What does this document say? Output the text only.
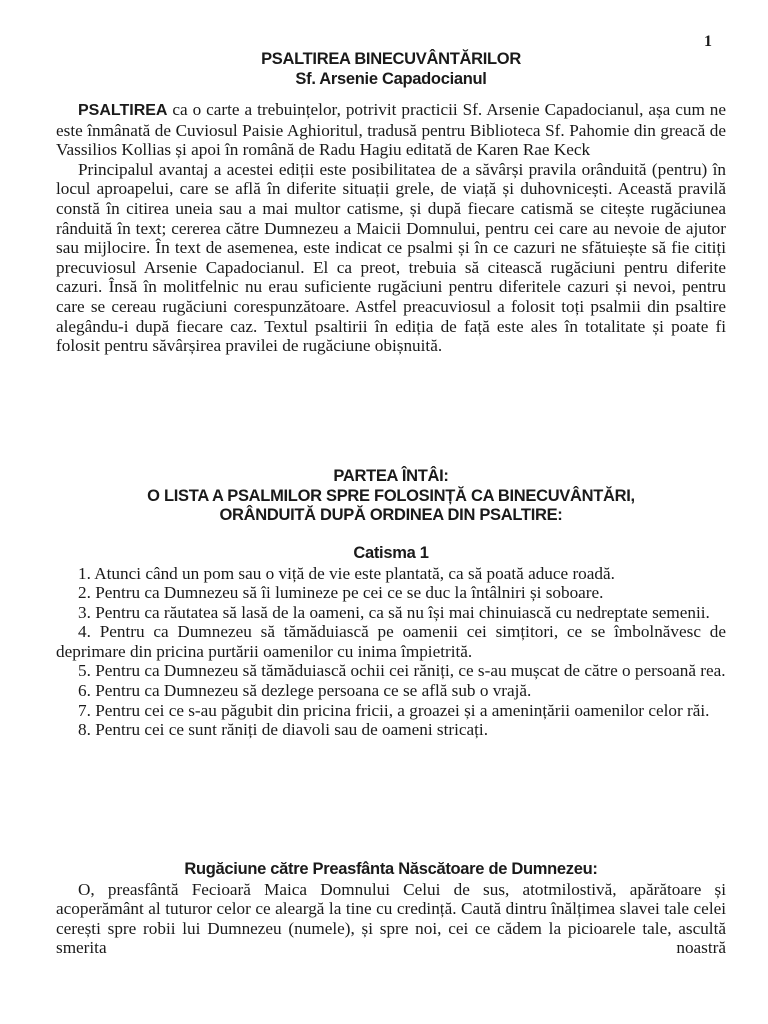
1
PSALTIREA BINECUVÂNTĂRILOR
Sf. Arsenie Capadocianul

PSALTIREA ca o carte a trebuințelor, potrivit practicii Sf. Arsenie Capadocianul, așa cum ne este înmânată de Cuviosul Paisie Aghioritul, tradusă pentru Biblioteca Sf. Pahomie din greacă de Vassilios Kollias și apoi în română de Radu Hagiu editată de Karen Rae Keck

Principalul avantaj a acestei ediții este posibilitatea de a săvârși pravila orânduită (pentru) în locul aproapelui, care se află în diferite situații grele, de viață și duhovnicești. Această pravilă constă în citirea uneia sau a mai multor catisme, și după fiecare catismă se citește rugăciunea rânduită în text; cererea către Dumnezeu a Maicii Domnului, pentru cei care au nevoie de ajutor sau mijlocire. În text de asemenea, este indicat ce psalmi și în ce cazuri ne sfătuiește să fie citiți precuviosul Arsenie Capadocianul. El ca preot, trebuia să citească rugăciuni pentru diferite cazuri. Însă în molitfelnic nu erau suficiente rugăciuni pentru diferitele cazuri și nevoi, pentru care se cereau rugăciuni corespunzătoare. Astfel preacuviosul a folosit toți psalmii din psaltire alegându-i după fiecare caz. Textul psaltirii în ediția de față este ales în totalitate și poate fi folosit pentru săvârșirea pravilei de rugăciune obișnuită.

PARTEA ÎNTÂI:
O LISTA A PSALMILOR SPRE FOLOSINȚĂ CA BINECUVÂNTĂRI,
ORÂNDUITĂ DUPĂ ORDINEA DIN PSALTIRE:
Catisma 1

1. Atunci când un pom sau o viță de vie este plantată, ca să poată aduce roadă.

2. Pentru ca Dumnezeu să îi lumineze pe cei ce se duc la întâlniri și soboare.

3. Pentru ca răutatea să lasă de la oameni, ca să nu își mai chinuiască cu nedreptate semenii.

4. Pentru ca Dumnezeu să tămăduiască pe oamenii cei simțitori, ce se îmbolnăvesc de deprimare din pricina purtării oamenilor cu inima împietrită.

5. Pentru ca Dumnezeu să tămăduiască ochii cei răniți, ce s-au mușcat de către o persoană rea.

6. Pentru ca Dumnezeu să dezlege persoana ce se află sub o vrajă.

7. Pentru cei ce s-au păgubit din pricina fricii, a groazei și a amenințării oamenilor celor răi.

8. Pentru cei ce sunt răniți de diavoli sau de oameni stricați.

Rugăciune către Preasfânta Născătoare de Dumnezeu:

O, preasfântă Fecioară Maica Domnului Celui de sus, atotmilostivă, apărătoare și acoperământ al tuturor celor ce aleargă la tine cu credință. Caută dintru înălțimea slavei tale celei cerești spre robii lui Dumnezeu (numele), și spre noi, cei ce cădem la picioarele tale, ascultă smerita noastră
